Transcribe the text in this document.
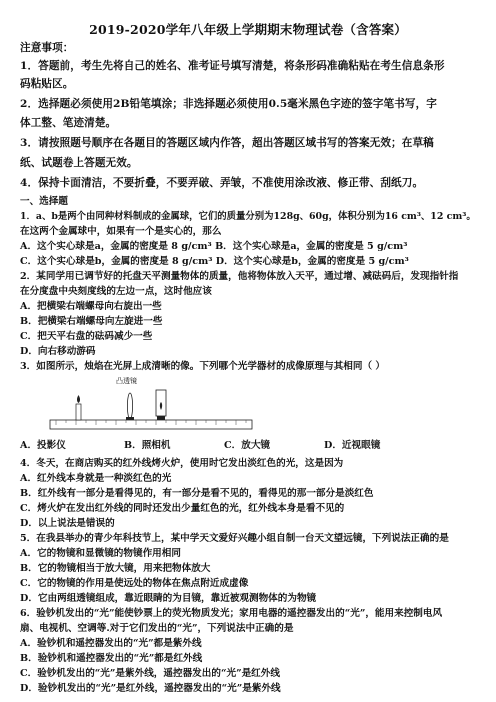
2019-2020学年八年级上学期期末物理试卷（含答案）
注意事项：
1．答题前，考生先将自己的姓名、准考证号填写清楚，将条形码准确粘贴在考生信息条形
码粘贴区。
2．选择题必须使用2B铅笔填涂；非选择题必须使用0.5毫米黑色字迹的签字笔书写，字
体工整、笔迹清楚。
3．请按照题号顺序在各题目的答题区域内作答，超出答题区域书写的答案无效；在草稿
纸、试题卷上答题无效。
4．保持卡面清洁，不要折叠，不要弄破、弄皱，不准使用涂改液、修正带、刮纸刀。
一、选择题
1．a、b是两个由同种材料制成的金属球，它们的质量分别为128g、60g，体积分别为16 cm³、12 cm³。
在这两个金属球中，如果有一个是实心的，那么
A．这个实心球是a，金属的密度是 8 g/cm³ B．这个实心球是a，金属的密度是 5 g/cm³
C．这个实心球是b，金属的密度是 8 g/cm³ D．这个实心球是b，金属的密度是 5 g/cm³
2．某同学用已调节好的托盘天平测量物体的质量，他将物体放入天平，通过增、减砝码后，发现指针指
在分度盘中央刻度线的左边一点，这时他应该
A．把横梁右端螺母向右旋出一些
B．把横梁右端螺母向左旋进一些
C．把天平右盘的砝码减少一些
D．向右移动游码
3．如图所示，烛焰在光屏上成清晰的像。下列哪个光学器材的成像原理与其相同（ ）
凸透镜
A．投影仪	B．照相机	C．放大镜	D．近视眼镜
4．冬天，在商店购买的红外线烤火炉，使用时它发出淡红色的光，这是因为
A．红外线本身就是一种淡红色的光
B．红外线有一部分是看得见的，有一部分是看不见的，看得见的那一部分是淡红色
C．烤火炉在发出红外线的同时还发出少量红色的光，红外线本身是看不见的
D．以上说法是错误的
5．在我县举办的青少年科技节上，某中学天文爱好兴趣小组自制一台天文望远镜，下列说法正确的是
A．它的物镜和显微镜的物镜作用相同
B．它的物镜相当于放大镜，用来把物体放大
C．它的物镜的作用是使远处的物体在焦点附近成虚像
D．它由两组透镜组成，靠近眼睛的为目镜，靠近被观测物体的为物镜
6．验钞机发出的“光”能使钞票上的荧光物质发光；家用电器的遥控器发出的“光”，能用来控制电风
扇、电视机、空调等.对于它们发出的“光”，下列说法中正确的是
A．验钞机和遥控器发出的“光”都是紫外线
B．验钞机和遥控器发出的“光”都是红外线
C．验钞机发出的“光”是紫外线，遥控器发出的“光”是红外线
D．验钞机发出的“光”是红外线，遥控器发出的“光”是紫外线
